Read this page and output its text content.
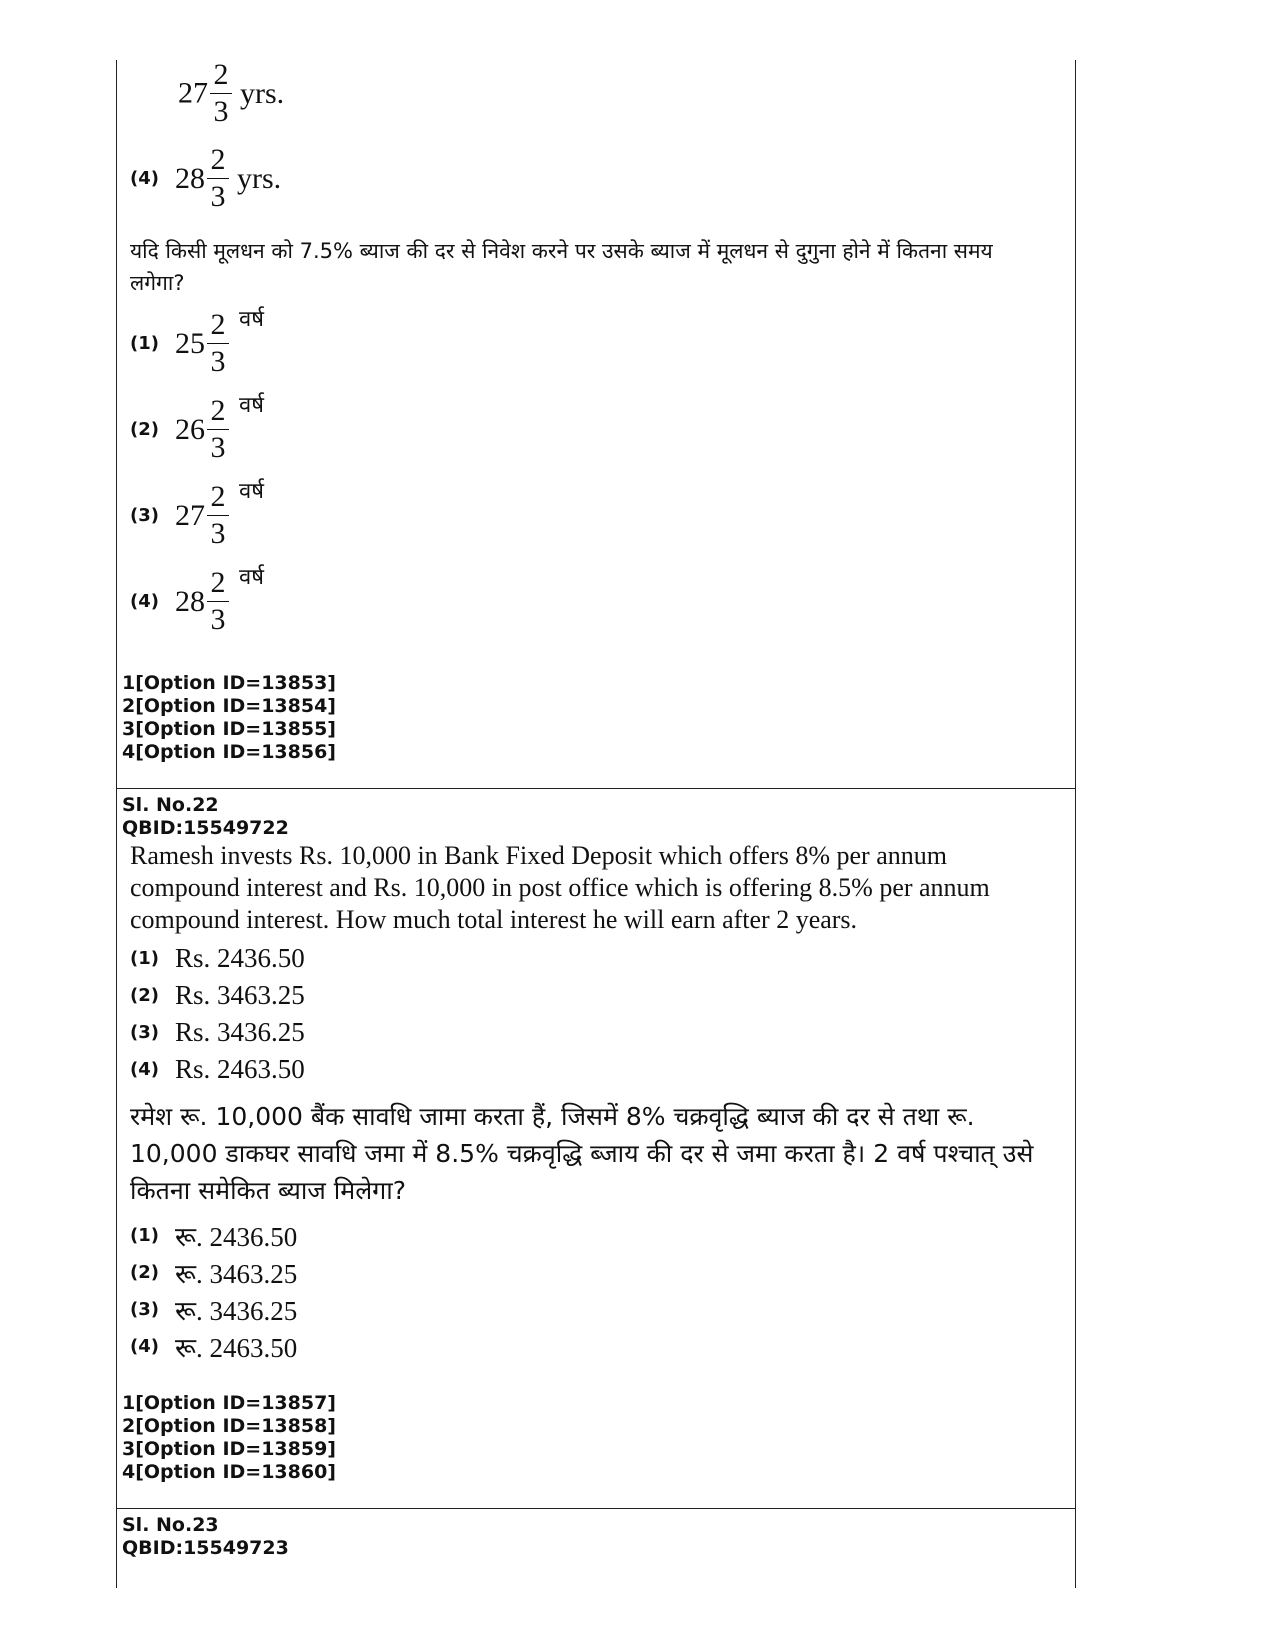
$27 \frac{2}{3}$ yrs.
(4) $28 \frac{2}{3}$ yrs.
यदि किसी मूलधन को 7.5% ब्याज की दर से निवेश करने पर उसके ब्याज में मूलधन से दुगुना होने में कितना समय लगेगा?
(1) $25 \frac{2}{3}$ वर्ष
(2) $26 \frac{2}{3}$ वर्ष
(3) $27 \frac{2}{3}$ वर्ष
(4) $28 \frac{2}{3}$ वर्ष
1[Option ID=13853]
2[Option ID=13854]
3[Option ID=13855]
4[Option ID=13856]
Sl. No.22
QBID:15549722
Ramesh invests Rs. 10,000 in Bank Fixed Deposit which offers 8% per annum compound interest and Rs. 10,000 in post office which is offering 8.5% per annum compound interest. How much total interest he will earn after 2 years.
(1) Rs. 2436.50
(2) Rs. 3463.25
(3) Rs. 3436.25
(4) Rs. 2463.50
रमेश रू. 10,000 बैंक सावधि जामा करता हैं, जिसमें 8% चक्रवृद्धि ब्याज की दर से तथा रू. 10,000 डाकघर सावधि जमा में 8.5% चक्रवृद्धि ब्जाय की दर से जमा करता है। 2 वर्ष पश्चात् उसे कितना समेकित ब्याज मिलेगा?
(1) रू. 2436.50
(2) रू. 3463.25
(3) रू. 3436.25
(4) रू. 2463.50
1[Option ID=13857]
2[Option ID=13858]
3[Option ID=13859]
4[Option ID=13860]
Sl. No.23
QBID:15549723
